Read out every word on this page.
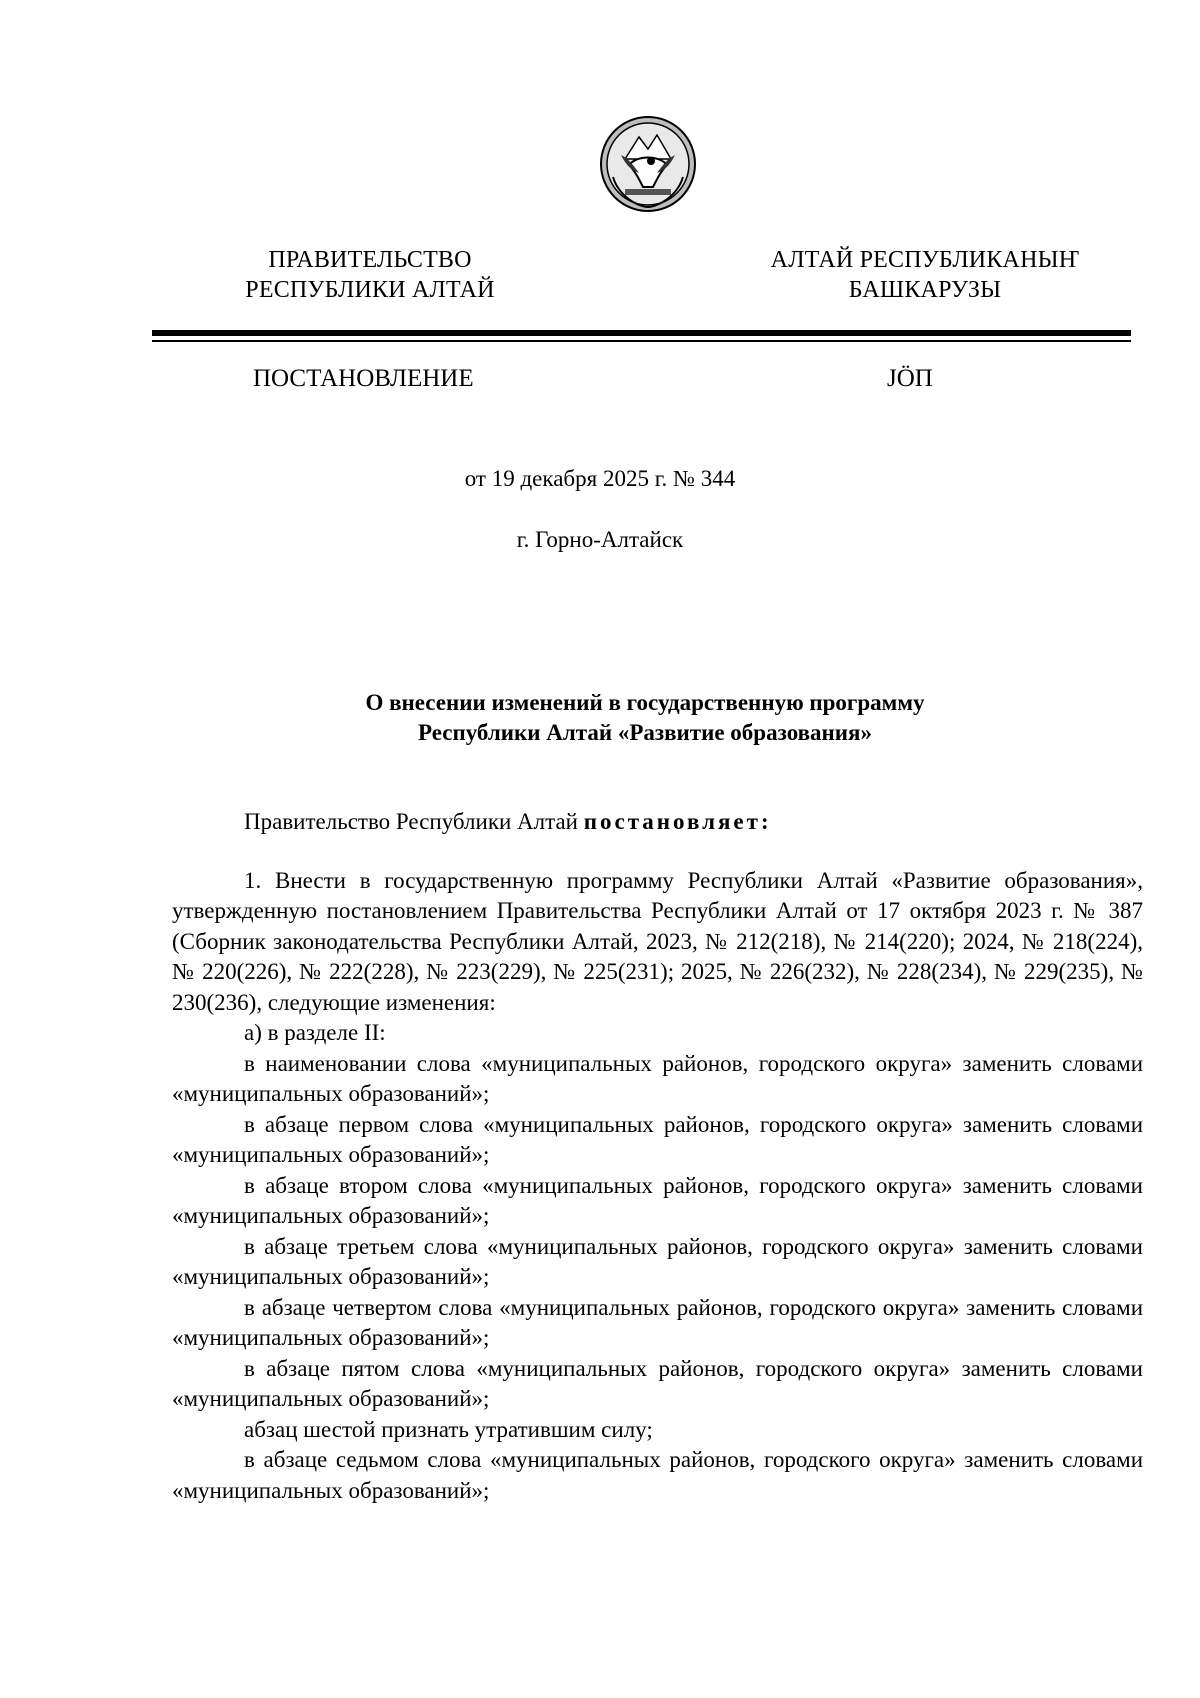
ПРАВИТЕЛЬСТВО
РЕСПУБЛИКИ АЛТАЙ
АЛТАЙ РЕСПУБЛИКАНЫҤ
БАШКАРУЗЫ
ПОСТАНОВЛЕНИЕ	ЈӦП
от 19 декабря 2025 г. № 344
г. Горно-Алтайск
О внесении изменений в государственную программу
Республики Алтай «Развитие образования»

Правительство Республики Алтай постановляет:

1. Внести в государственную программу Республики Алтай «Развитие образования», утвержденную постановлением Правительства Республики Алтай от 17 октября 2023 г. № 387 (Сборник законодательства Республики Алтай, 2023, № 212(218), № 214(220); 2024, № 218(224), № 220(226), № 222(228), № 223(229), № 225(231); 2025, № 226(232), № 228(234), № 229(235), № 230(236), следующие изменения:

а) в разделе II:

в наименовании слова «муниципальных районов, городского округа» заменить словами «муниципальных образований»;

в абзаце первом слова «муниципальных районов, городского округа» заменить словами «муниципальных образований»;

в абзаце втором слова «муниципальных районов, городского округа» заменить словами «муниципальных образований»;

в абзаце третьем слова «муниципальных районов, городского округа» заменить словами «муниципальных образований»;

в абзаце четвертом слова «муниципальных районов, городского округа» заменить словами «муниципальных образований»;

в абзаце пятом слова «муниципальных районов, городского округа» заменить словами «муниципальных образований»;

абзац шестой признать утратившим силу;

в абзаце седьмом слова «муниципальных районов, городского округа» заменить словами «муниципальных образований»;
